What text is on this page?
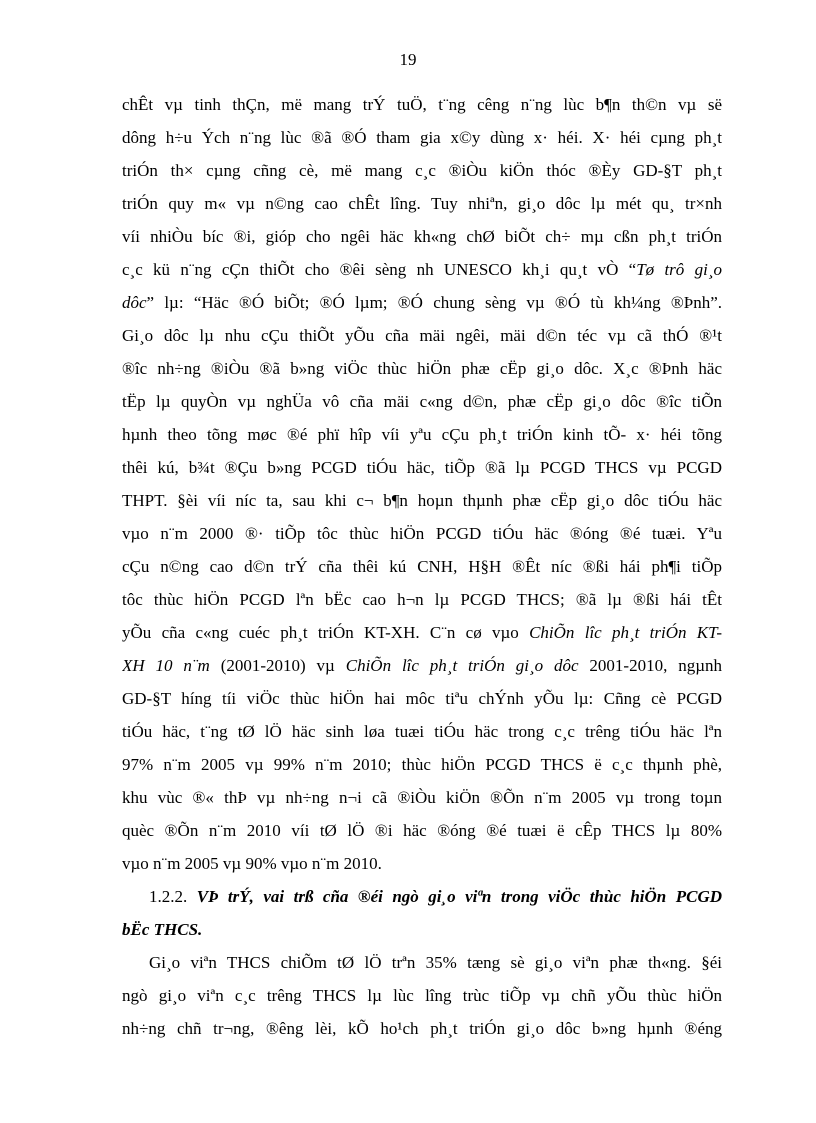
19
chÊt vµ tinh thÇn, më mang trÝ tuÖ, t¨ng cêng n¨ng lùc b¶n th©n vµ së
dông h÷u Ých n¨ng lùc ®ã ®Ó tham gia x©y dùng x· héi. X· héi cµng ph¸t
triÓn th× cµng cñng cè, më mang c¸c ®iÒu kiÖn thóc ®Èy GD-§T ph¸t
triÓn quy m« vµ n©ng cao chÊt lîng. Tuy nhiªn, gi¸o dôc lµ mét qu¸ tr×nh
víi nhiÒu bíc ®i, gióp cho ngêi häc kh«ng chØ biÕt ch÷ mµ cßn ph¸t triÓn
c¸c kü n¨ng cÇn thiÕt cho ®êi sèng nh UNESCO kh¸i qu¸t vÒ “Tø trô gi¸o
dôc” lµ: “Häc ®Ó biÕt; ®Ó lµm; ®Ó chung sèng vµ ®Ó tù kh¼ng ®Þnh”.
Gi¸o dôc lµ nhu cÇu thiÕt yÕu cña mäi ngêi, mäi d©n téc vµ cã thÓ ®¹t
®îc nh÷ng ®iÒu ®ã b»ng viÖc thùc hiÖn phæ cËp gi¸o dôc. X¸c ®Þnh häc
tËp lµ quyÒn vµ nghÜa vô cña mäi c«ng d©n, phæ cËp gi¸o dôc ®îc tiÕn
hµnh theo tõng møc ®é phï hîp víi yªu cÇu ph¸t triÓn kinh tÕ- x· héi tõng
thêi kú, b¾t ®Çu b»ng PCGD tiÓu häc, tiÕp ®ã lµ PCGD THCS vµ PCGD
THPT. §èi víi níc ta, sau khi c¬ b¶n hoµn thµnh phæ cËp gi¸o dôc tiÓu häc
vµo n¨m 2000 ®· tiÕp tôc thùc hiÖn PCGD tiÓu häc ®óng ®é tuæi. Yªu
cÇu n©ng cao d©n trÝ cña thêi kú CNH, H§H ®Êt níc ®ßi hái ph¶i tiÕp
tôc thùc hiÖn PCGD lªn bËc cao h¬n lµ PCGD THCS; ®ã lµ ®ßi hái tÊt
yÕu cña c«ng cuéc ph¸t triÓn KT-XH. C¨n cø vµo ChiÕn lîc ph¸t triÓn KT-
XH 10 n¨m (2001-2010) vµ ChiÕn lîc ph¸t triÓn gi¸o dôc 2001-2010, ngµnh
GD-§T híng tíi viÖc thùc hiÖn hai môc tiªu chÝnh yÕu lµ: Cñng cè PCGD
tiÓu häc, t¨ng tØ lÖ häc sinh løa tuæi tiÓu häc trong c¸c trêng tiÓu häc lªn
97% n¨m 2005 vµ 99% n¨m 2010; thùc hiÖn PCGD THCS ë c¸c thµnh phè,
khu vùc ®« thÞ vµ nh÷ng n¬i cã ®iÒu kiÖn ®Õn n¨m 2005 vµ trong toµn
quèc ®Õn n¨m 2010 víi tØ lÖ ®i häc ®óng ®é tuæi ë cÊp THCS lµ 80%
vµo n¨m 2005 vµ 90% vµo n¨m 2010.
1.2.2. VÞ trÝ, vai trß cña ®éi ngò gi¸o viªn trong viÖc thùc hiÖn PCGD
bËc THCS.
Gi¸o viªn THCS chiÕm tØ lÖ trªn 35% tæng sè gi¸o viªn phæ th«ng. §éi
ngò gi¸o viªn c¸c trêng THCS lµ lùc lîng trùc tiÕp vµ chñ yÕu thùc hiÖn
nh÷ng chñ tr¬ng, ®êng lèi, kÕ ho¹ch ph¸t triÓn gi¸o dôc b»ng hµnh ®éng
